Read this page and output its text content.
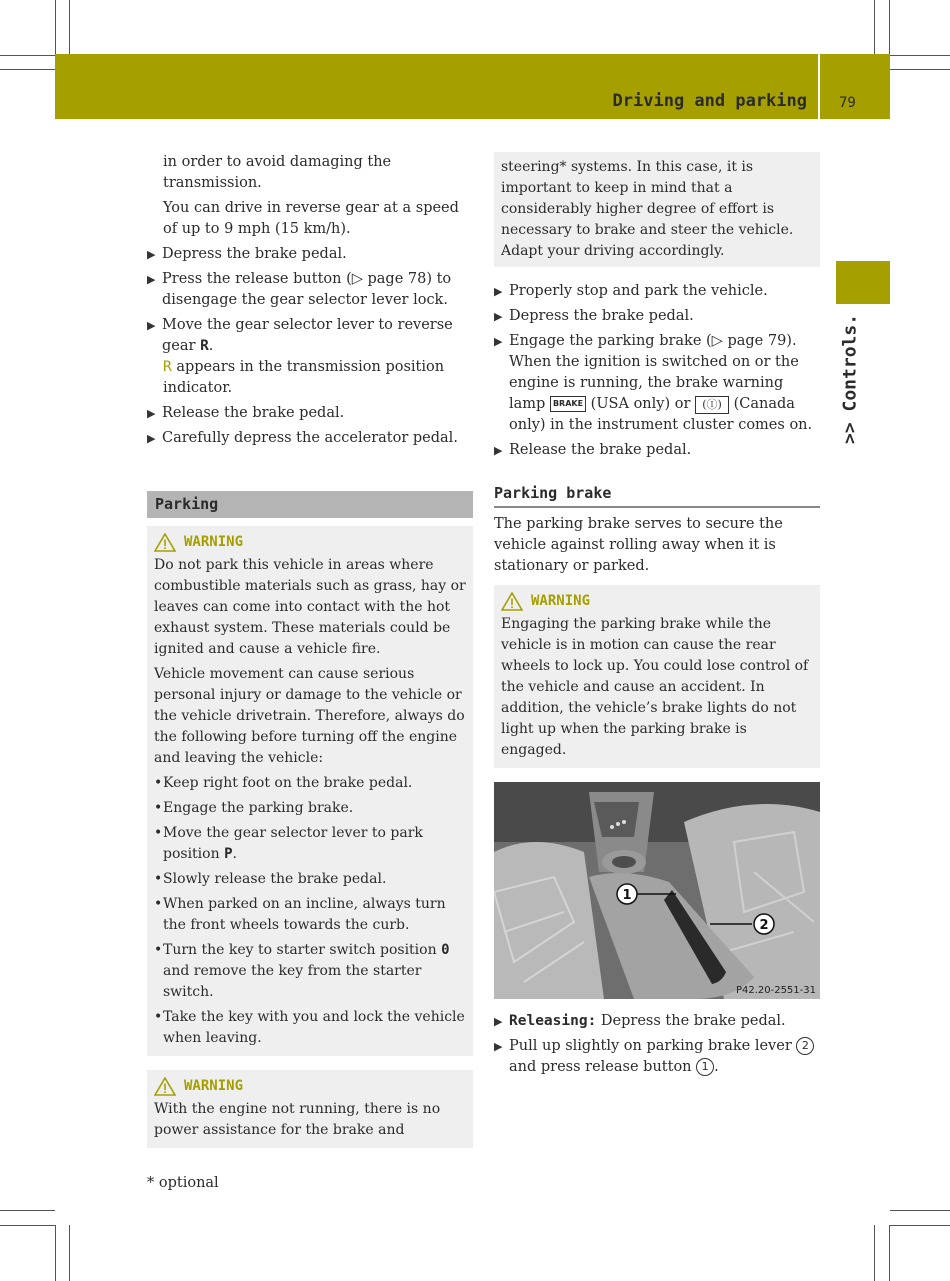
Driving and parking 79
>> Controls.

in order to avoid damaging the transmission.

You can drive in reverse gear at a speed of up to 9 mph (15 km/h).

▶ Depress the brake pedal.
▶ Press the release button (▷ page 78) to disengage the gear selector lever lock.
▶ Move the gear selector lever to reverse gear R.

R appears in the transmission position indicator.

▶ Release the brake pedal.
▶ Carefully depress the accelerator pedal.
Parking
WARNING

Do not park this vehicle in areas where combustible materials such as grass, hay or leaves can come into contact with the hot exhaust system. These materials could be ignited and cause a vehicle fire.

Vehicle movement can cause serious personal injury or damage to the vehicle or the vehicle drivetrain. Therefore, always do the following before turning off the engine and leaving the vehicle:

• Keep right foot on the brake pedal.
• Engage the parking brake.
• Move the gear selector lever to park position P.
• Slowly release the brake pedal.
• When parked on an incline, always turn the front wheels towards the curb.
• Turn the key to starter switch position 0 and remove the key from the starter switch.
• Take the key with you and lock the vehicle when leaving.
WARNING

With the engine not running, there is no power assistance for the brake and

steering* systems. In this case, it is important to keep in mind that a considerably higher degree of effort is necessary to brake and steer the vehicle. Adapt your driving accordingly.

▶ Properly stop and park the vehicle.
▶ Depress the brake pedal.
▶ Engage the parking brake (▷ page 79). When the ignition is switched on or the engine is running, the brake warning lamp BRAKE (USA only) or (Ⓘ) (Canada only) in the instrument cluster comes on.
▶ Release the brake pedal.
Parking brake

The parking brake serves to secure the vehicle against rolling away when it is stationary or parked.

WARNING

Engaging the parking brake while the vehicle is in motion can cause the rear wheels to lock up. You could lose control of the vehicle and cause an accident. In addition, the vehicle’s brake lights do not light up when the parking brake is engaged.

1
2
P42.20-2551-31
▶ Releasing: Depress the brake pedal.
▶ Pull up slightly on parking brake lever 2 and press release button 1 .
* optional
